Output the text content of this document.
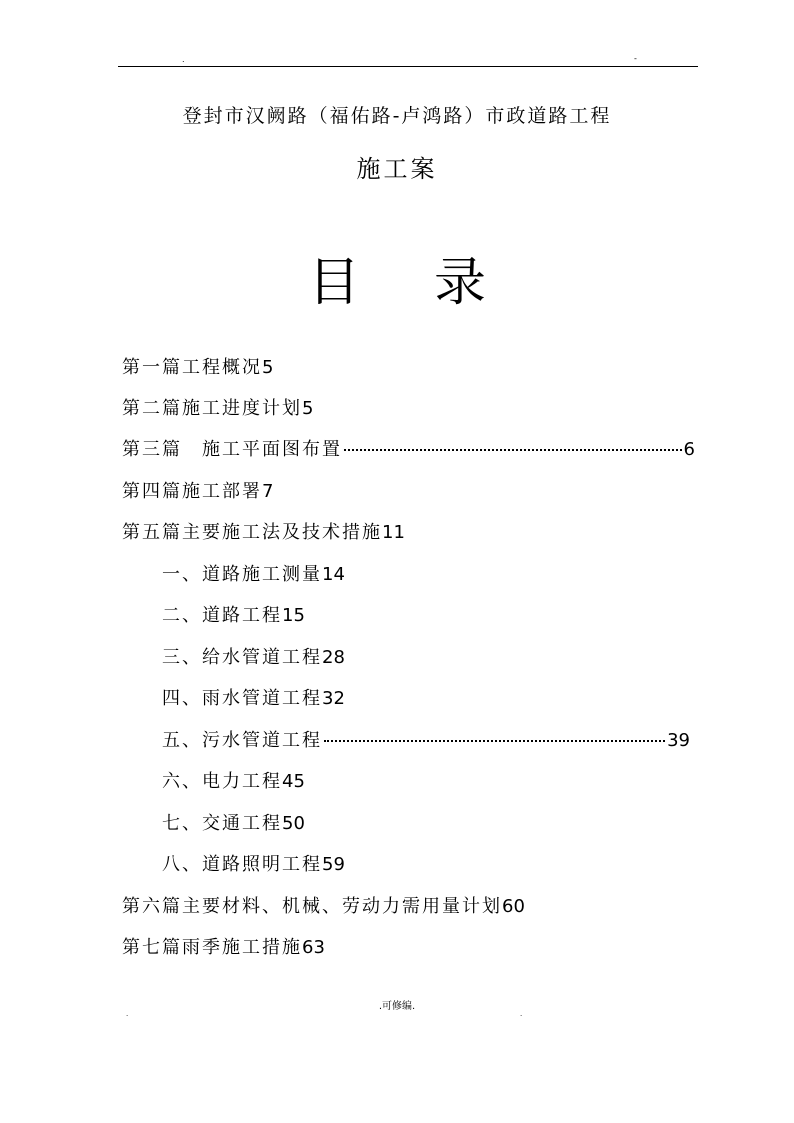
.	-
登封市汉阙路（福佑路-卢鸿路）市政道路工程
施工案
目 录
第一篇工程概况 5
第二篇施工进度计划 5
第三篇　施工平面图布置	6
第四篇施工部署 7
第五篇主要施工法及技术措施 11
一、道路施工测量 14
二、道路工程 15
三、给水管道工程 28
四、雨水管道工程 32
五、污水管道工程	39
六、电力工程 45
七、交通工程 50
八、道路照明工程 59
第六篇主要材料、机械、劳动力需用量计划 60
第七篇雨季施工措施 63
.
.可修编.
.
